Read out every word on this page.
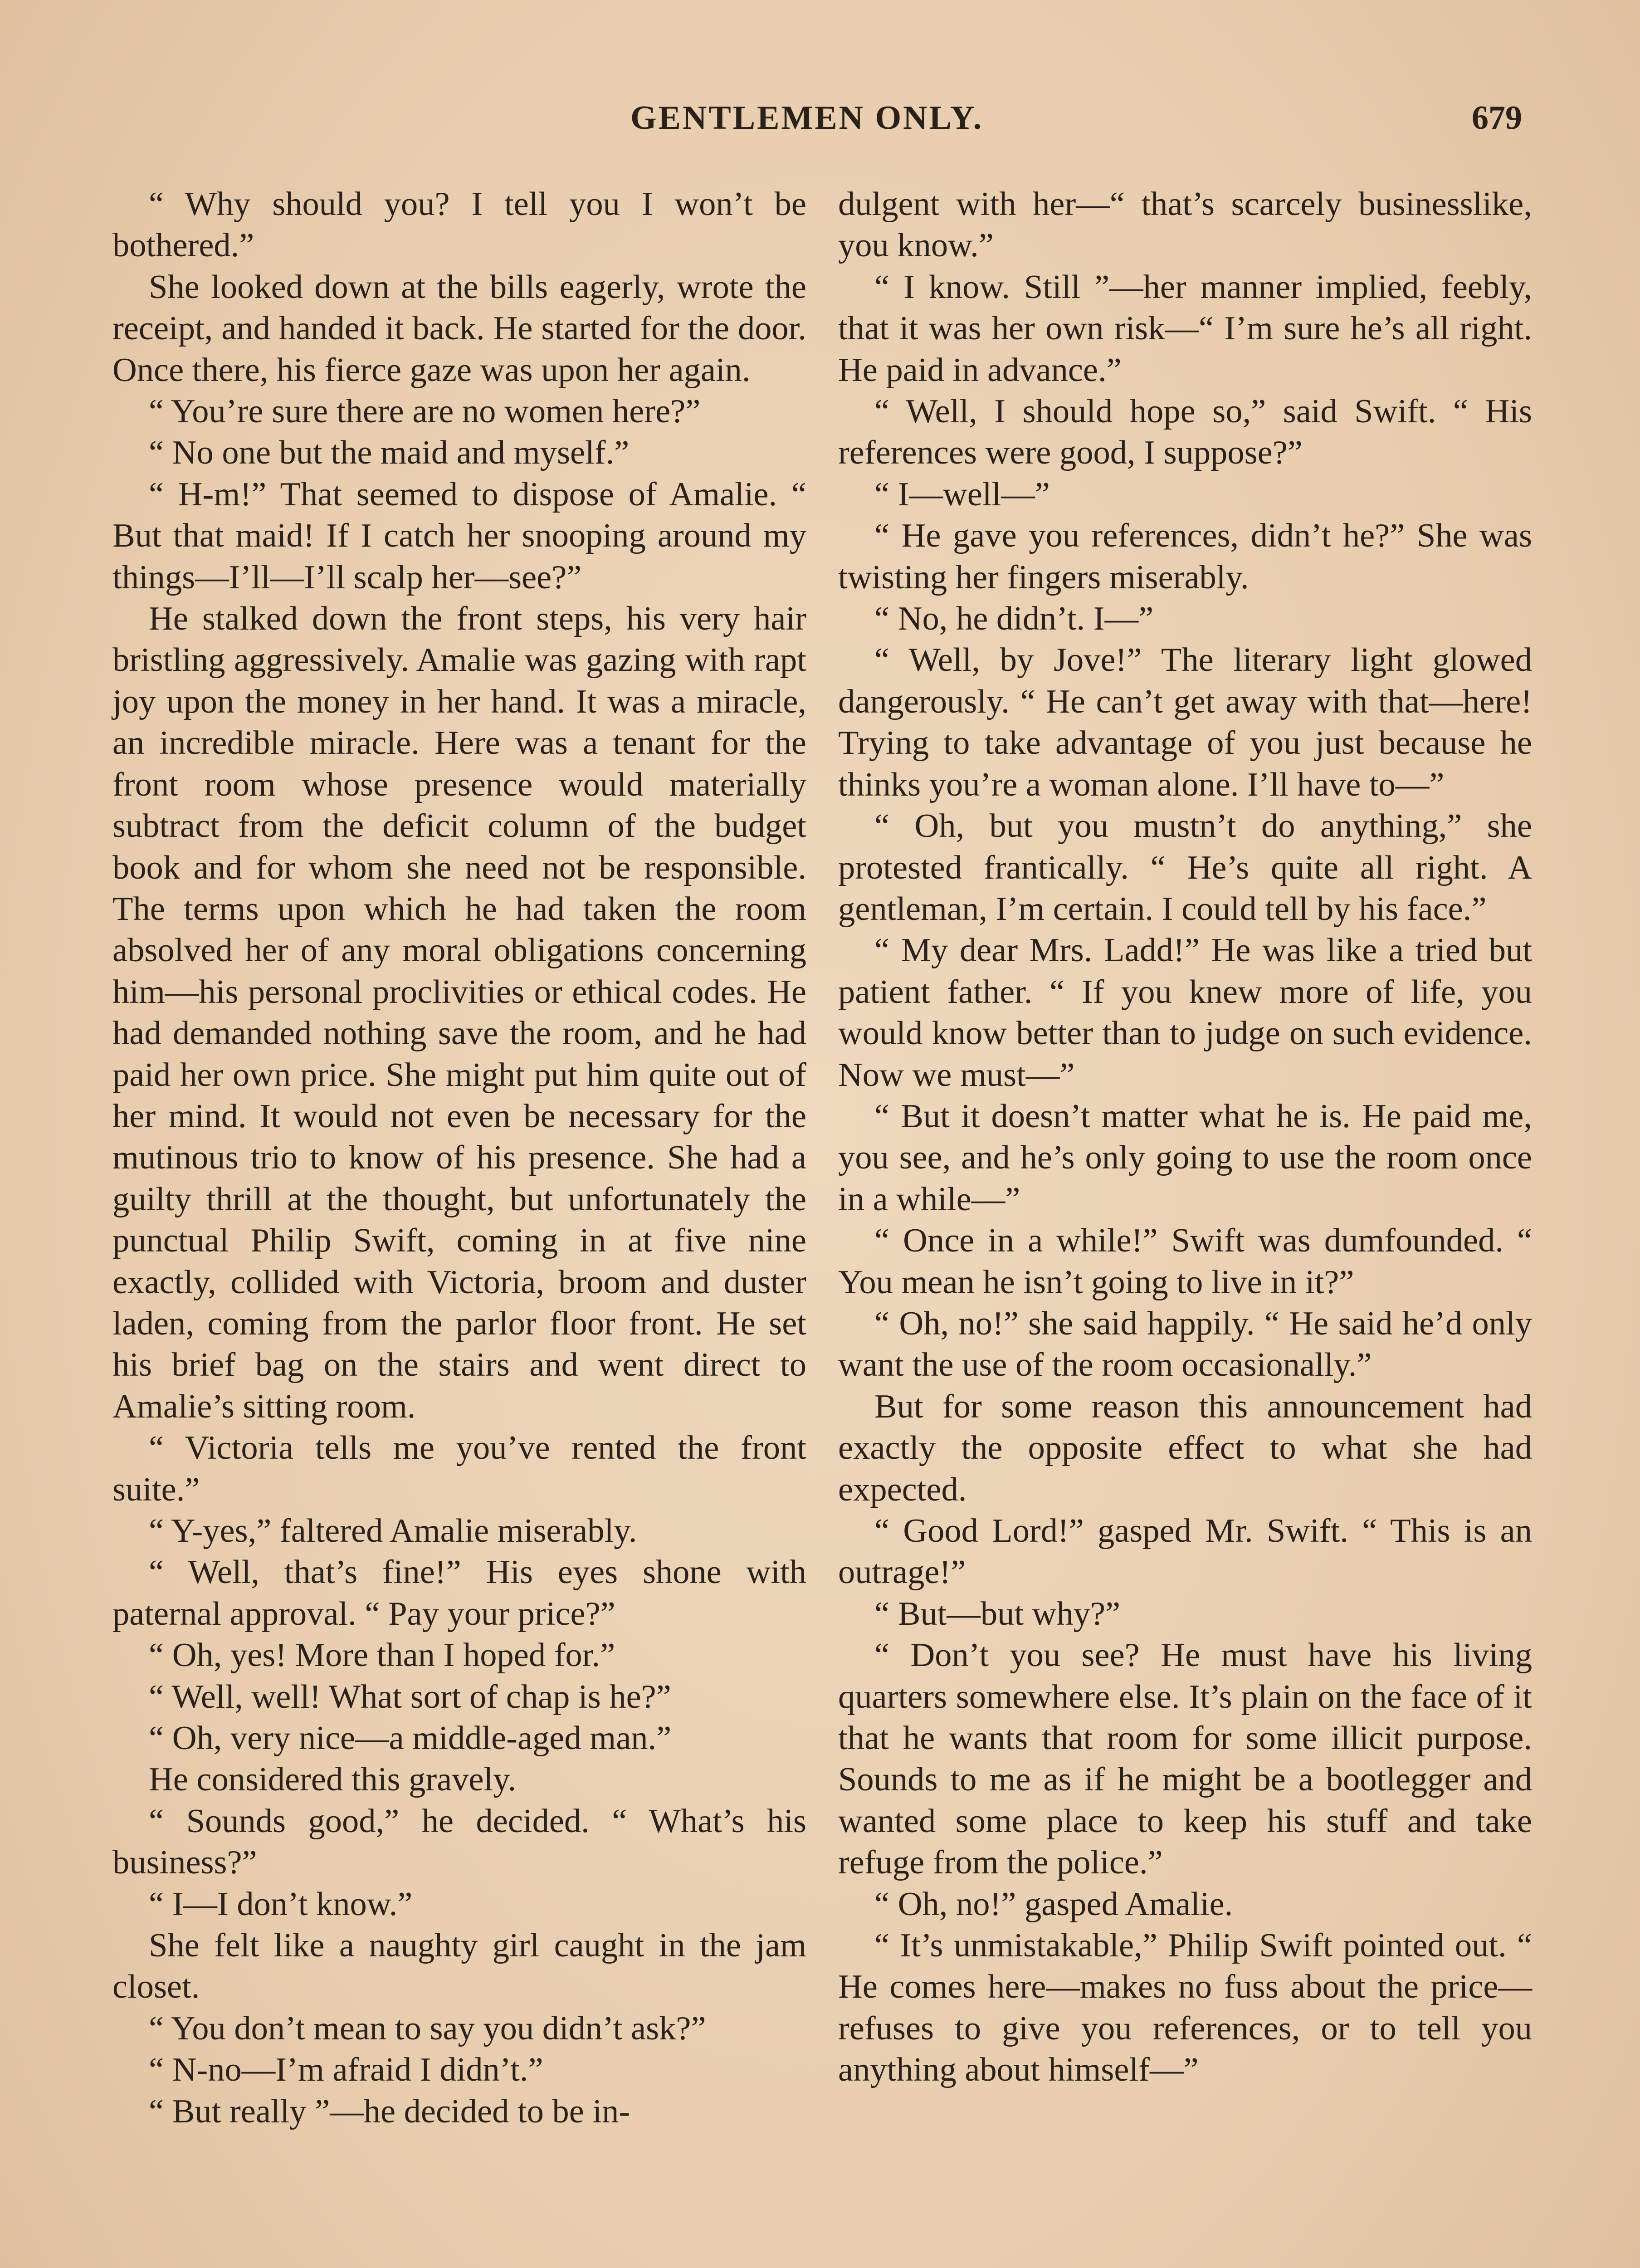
GENTLEMEN ONLY.	679

“ Why should you? I tell you I won’t be bothered.”

She looked down at the bills eagerly, wrote the receipt, and handed it back. He started for the door. Once there, his fierce gaze was upon her again.

“ You’re sure there are no women here?”

“ No one but the maid and myself.”

“ H-m!” That seemed to dispose of Amalie. “ But that maid! If I catch her snooping around my things—I’ll—I’ll scalp her—see?”

He stalked down the front steps, his very hair bristling aggressively. Amalie was gazing with rapt joy upon the money in her hand. It was a miracle, an incredible miracle. Here was a tenant for the front room whose presence would materially subtract from the deficit column of the budget book and for whom she need not be responsible. The terms upon which he had taken the room absolved her of any moral obligations concerning him—his personal proclivities or ethical codes. He had demanded nothing save the room, and he had paid her own price. She might put him quite out of her mind. It would not even be necessary for the mutinous trio to know of his presence. She had a guilty thrill at the thought, but unfortunately the punctual Philip Swift, coming in at five nine exactly, collided with Victoria, broom and duster laden, coming from the parlor floor front. He set his brief bag on the stairs and went direct to Amalie’s sitting room.

“ Victoria tells me you’ve rented the front suite.”

“ Y-yes,” faltered Amalie miserably.

“ Well, that’s fine!” His eyes shone with paternal approval. “ Pay your price?”

“ Oh, yes! More than I hoped for.”

“ Well, well! What sort of chap is he?”

“ Oh, very nice—a middle-aged man.”

He considered this gravely.

“ Sounds good,” he decided. “ What’s his business?”

“ I—I don’t know.”

She felt like a naughty girl caught in the jam closet.

“ You don’t mean to say you didn’t ask?”

“ N-no—I’m afraid I didn’t.”

“ But really ”—he decided to be in-

dulgent with her—“ that’s scarcely businesslike, you know.”

“ I know. Still ”—her manner implied, feebly, that it was her own risk—“ I’m sure he’s all right. He paid in advance.”

“ Well, I should hope so,” said Swift. “ His references were good, I suppose?”

“ I—well—”

“ He gave you references, didn’t he?” She was twisting her fingers miserably.

“ No, he didn’t. I—”

“ Well, by Jove!” The literary light glowed dangerously. “ He can’t get away with that—here! Trying to take advantage of you just because he thinks you’re a woman alone. I’ll have to—”

“ Oh, but you mustn’t do anything,” she protested frantically. “ He’s quite all right. A gentleman, I’m certain. I could tell by his face.”

“ My dear Mrs. Ladd!” He was like a tried but patient father. “ If you knew more of life, you would know better than to judge on such evidence. Now we must—”

“ But it doesn’t matter what he is. He paid me, you see, and he’s only going to use the room once in a while—”

“ Once in a while!” Swift was dumfounded. “ You mean he isn’t going to live in it?”

“ Oh, no!” she said happily. “ He said he’d only want the use of the room occasionally.”

But for some reason this announcement had exactly the opposite effect to what she had expected.

“ Good Lord!” gasped Mr. Swift. “ This is an outrage!”

“ But—but why?”

“ Don’t you see? He must have his living quarters somewhere else. It’s plain on the face of it that he wants that room for some illicit purpose. Sounds to me as if he might be a bootlegger and wanted some place to keep his stuff and take refuge from the police.”

“ Oh, no!” gasped Amalie.

“ It’s unmistakable,” Philip Swift pointed out. “ He comes here—makes no fuss about the price—refuses to give you references, or to tell you anything about himself—”
